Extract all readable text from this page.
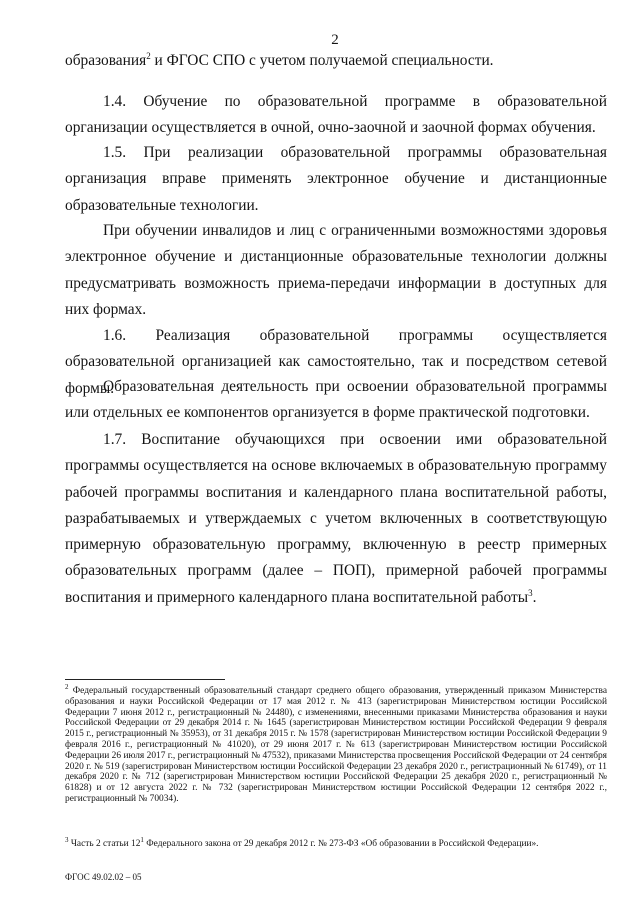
2

образования$^2$ и ФГОС СПО с учетом получаемой специальности.

1.4. Обучение по образовательной программе в образовательной организации осуществляется в очной, очно-заочной и заочной формах обучения.

1.5. При реализации образовательной программы образовательная организация вправе применять электронное обучение и дистанционные образовательные технологии.

При обучении инвалидов и лиц с ограниченными возможностями здоровья электронное обучение и дистанционные образовательные технологии должны предусматривать возможность приема-передачи информации в доступных для них формах.

1.6. Реализация образовательной программы осуществляется образовательной организацией как самостоятельно, так и посредством сетевой формы.

Образовательная деятельность при освоении образовательной программы или отдельных ее компонентов организуется в форме практической подготовки.

1.7. Воспитание обучающихся при освоении ими образовательной программы осуществляется на основе включаемых в образовательную программу рабочей программы воспитания и календарного плана воспитательной работы, разрабатываемых и утверждаемых с учетом включенных в соответствующую примерную образовательную программу, включенную в реестр примерных образовательных программ (далее – ПОП), примерной рабочей программы воспитания и примерного календарного плана воспитательной работы$^3$.

$^2$ Федеральный государственный образовательный стандарт среднего общего образования, утвержденный приказом Министерства образования и науки Российской Федерации от 17 мая 2012 г. № 413 (зарегистрирован Министерством юстиции Российской Федерации 7 июня 2012 г., регистрационный № 24480), с изменениями, внесенными приказами Министерства образования и науки Российской Федерации от 29 декабря 2014 г. № 1645 (зарегистрирован Министерством юстиции Российской Федерации 9 февраля 2015 г., регистрационный № 35953), от 31 декабря 2015 г. № 1578 (зарегистрирован Министерством юстиции Российской Федерации 9 февраля 2016 г., регистрационный № 41020), от 29 июня 2017 г. № 613 (зарегистрирован Министерством юстиции Российской Федерации 26 июля 2017 г., регистрационный № 47532), приказами Министерства просвещения Российской Федерации от 24 сентября 2020 г. № 519 (зарегистрирован Министерством юстиции Российской Федерации 23 декабря 2020 г., регистрационный № 61749), от 11 декабря 2020 г. № 712 (зарегистрирован Министерством юстиции Российской Федерации 25 декабря 2020 г., регистрационный № 61828) и от 12 августа 2022 г. № 732 (зарегистрирован Министерством юстиции Российской Федерации 12 сентября 2022 г., регистрационный № 70034).

$^3$ Часть 2 статьи $12^1$ Федерального закона от 29 декабря 2012 г. № 273-ФЗ «Об образовании в Российской Федерации».

ФГОС 49.02.02 – 05
